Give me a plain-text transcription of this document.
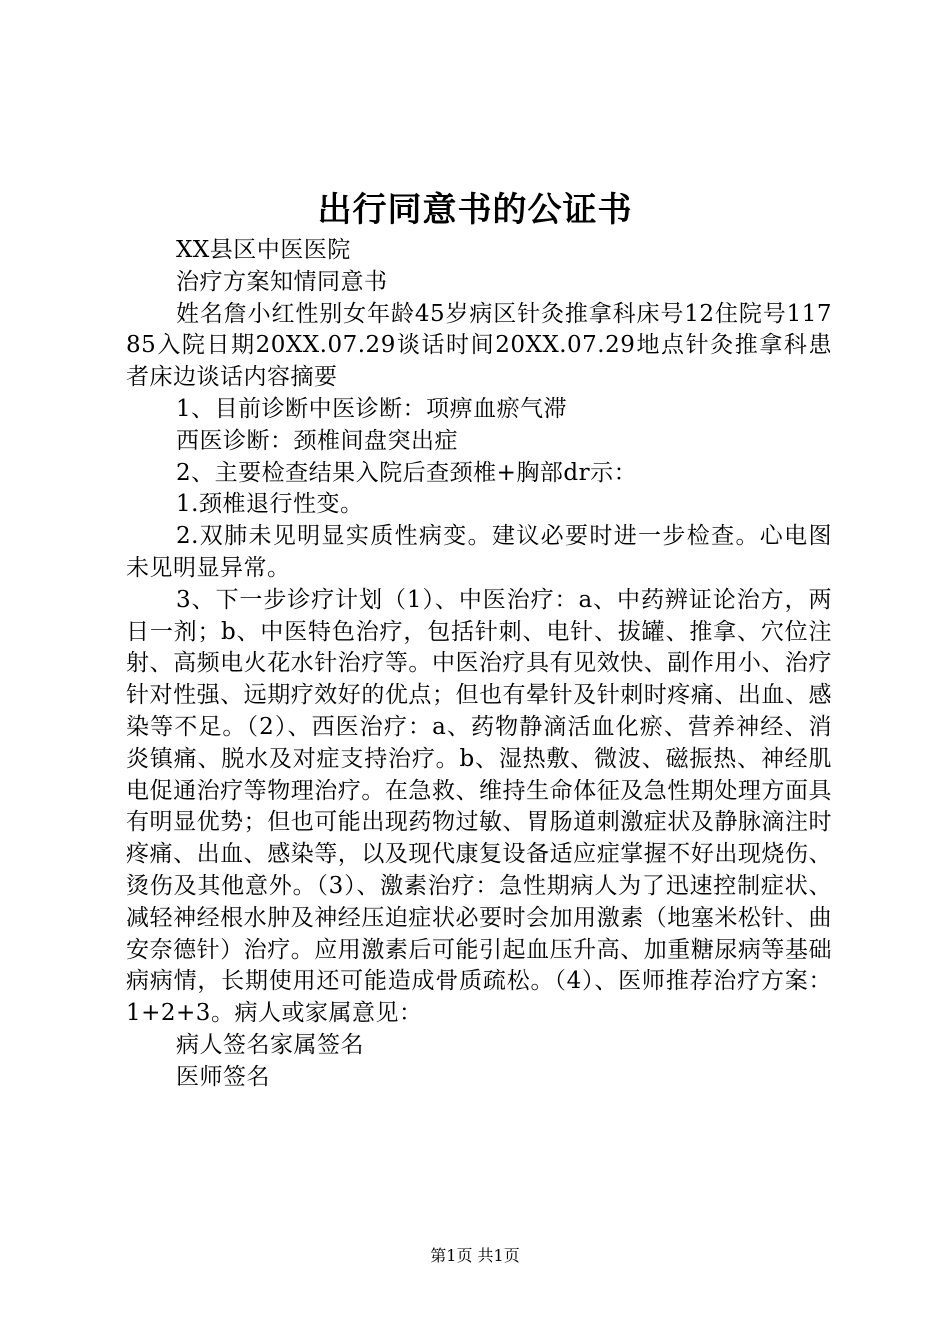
出行同意书的公证书

XX县区中医医院

治疗方案知情同意书

姓名詹小红性别女年龄45岁病区针灸推拿科床号12住院号11785入院日期20XX.07.29谈话时间20XX.07.29地点针灸推拿科患者床边谈话内容摘要

1、目前诊断中医诊断：项痹血瘀气滞

西医诊断：颈椎间盘突出症

2、主要检查结果入院后查颈椎+胸部dr示：

1.颈椎退行性变。

2.双肺未见明显实质性病变。建议必要时进一步检查。心电图未见明显异常。

3、下一步诊疗计划（1）、中医治疗：a、中药辨证论治方，两日一剂；b、中医特色治疗，包括针刺、电针、拔罐、推拿、穴位注射、高频电火花水针治疗等。中医治疗具有见效快、副作用小、治疗针对性强、远期疗效好的优点；但也有晕针及针刺时疼痛、出血、感染等不足。（2）、西医治疗：a、药物静滴活血化瘀、营养神经、消炎镇痛、脱水及对症支持治疗。b、湿热敷、微波、磁振热、神经肌电促通治疗等物理治疗。在急救、维持生命体征及急性期处理方面具有明显优势；但也可能出现药物过敏、胃肠道刺激症状及静脉滴注时疼痛、出血、感染等，以及现代康复设备适应症掌握不好出现烧伤、烫伤及其他意外。（3）、激素治疗：急性期病人为了迅速控制症状、减轻神经根水肿及神经压迫症状必要时会加用激素（地塞米松针、曲安奈德针）治疗。应用激素后可能引起血压升高、加重糖尿病等基础病病情，长期使用还可能造成骨质疏松。（4）、医师推荐治疗方案：1+2+3。病人或家属意见：

病人签名家属签名

医师签名

第1页 共1页
